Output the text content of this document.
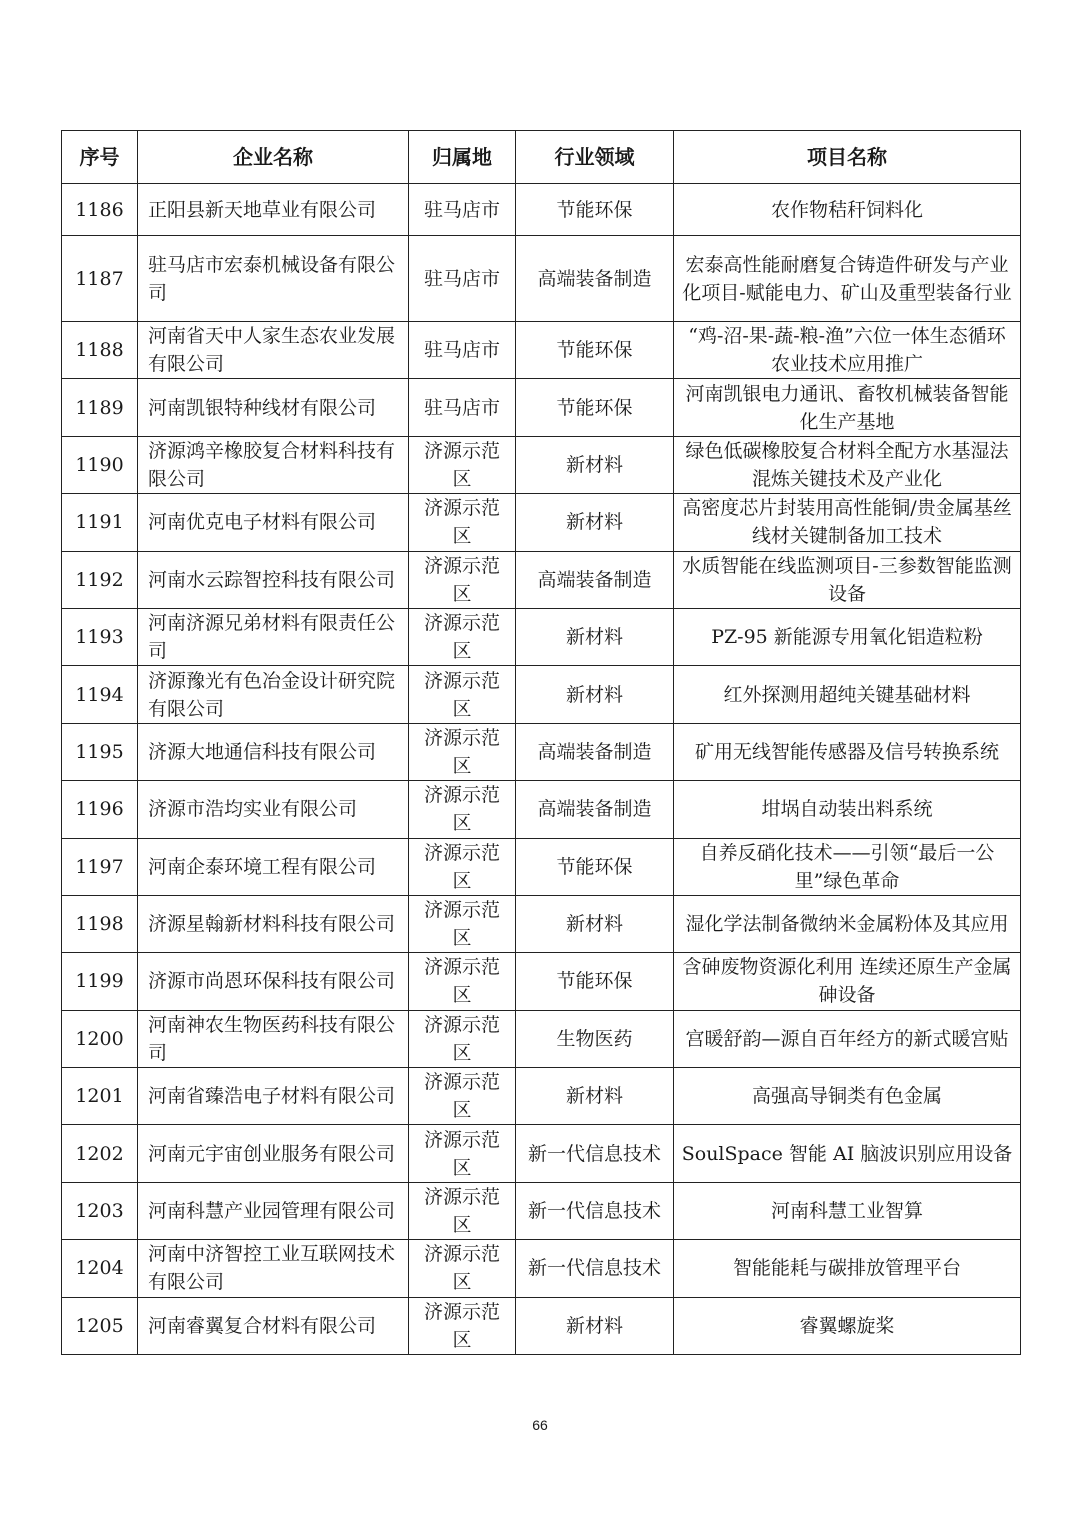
序号	企业名称	归属地	行业领域	项目名称
1186	正阳县新天地草业有限公司	驻马店市	节能环保	农作物秸秆饲料化
1187	驻马店市宏泰机械设备有限公司	驻马店市	高端装备制造	宏泰高性能耐磨复合铸造件研发与产业化项目-赋能电力、矿山及重型装备行业
1188	河南省天中人家生态农业发展有限公司	驻马店市	节能环保	“鸡-沼-果-蔬-粮-渔”六位一体生态循环农业技术应用推广
1189	河南凯银特种线材有限公司	驻马店市	节能环保	河南凯银电力通讯、畜牧机械装备智能化生产基地
1190	济源鸿辛橡胶复合材料科技有限公司	济源示范区	新材料	绿色低碳橡胶复合材料全配方水基湿法混炼关键技术及产业化
1191	河南优克电子材料有限公司	济源示范区	新材料	高密度芯片封装用高性能铜/贵金属基丝线材关键制备加工技术
1192	河南水云踪智控科技有限公司	济源示范区	高端装备制造	水质智能在线监测项目-三参数智能监测设备
1193	河南济源兄弟材料有限责任公司	济源示范区	新材料	PZ-95 新能源专用氧化铝造粒粉
1194	济源豫光有色冶金设计研究院有限公司	济源示范区	新材料	红外探测用超纯关键基础材料
1195	济源大地通信科技有限公司	济源示范区	高端装备制造	矿用无线智能传感器及信号转换系统
1196	济源市浩均实业有限公司	济源示范区	高端装备制造	坩埚自动装出料系统
1197	河南企泰环境工程有限公司	济源示范区	节能环保	自养反硝化技术——引领“最后一公里”绿色革命
1198	济源星翰新材料科技有限公司	济源示范区	新材料	湿化学法制备微纳米金属粉体及其应用
1199	济源市尚恩环保科技有限公司	济源示范区	节能环保	含砷废物资源化利用 连续还原生产金属砷设备
1200	河南神农生物医药科技有限公司	济源示范区	生物医药	宫暖舒韵—源自百年经方的新式暖宫贴
1201	河南省臻浩电子材料有限公司	济源示范区	新材料	高强高导铜类有色金属
1202	河南元宇宙创业服务有限公司	济源示范区	新一代信息技术	SoulSpace 智能 AI 脑波识别应用设备
1203	河南科慧产业园管理有限公司	济源示范区	新一代信息技术	河南科慧工业智算
1204	河南中济智控工业互联网技术有限公司	济源示范区	新一代信息技术	智能能耗与碳排放管理平台
1205	河南睿翼复合材料有限公司	济源示范区	新材料	睿翼螺旋桨
66
